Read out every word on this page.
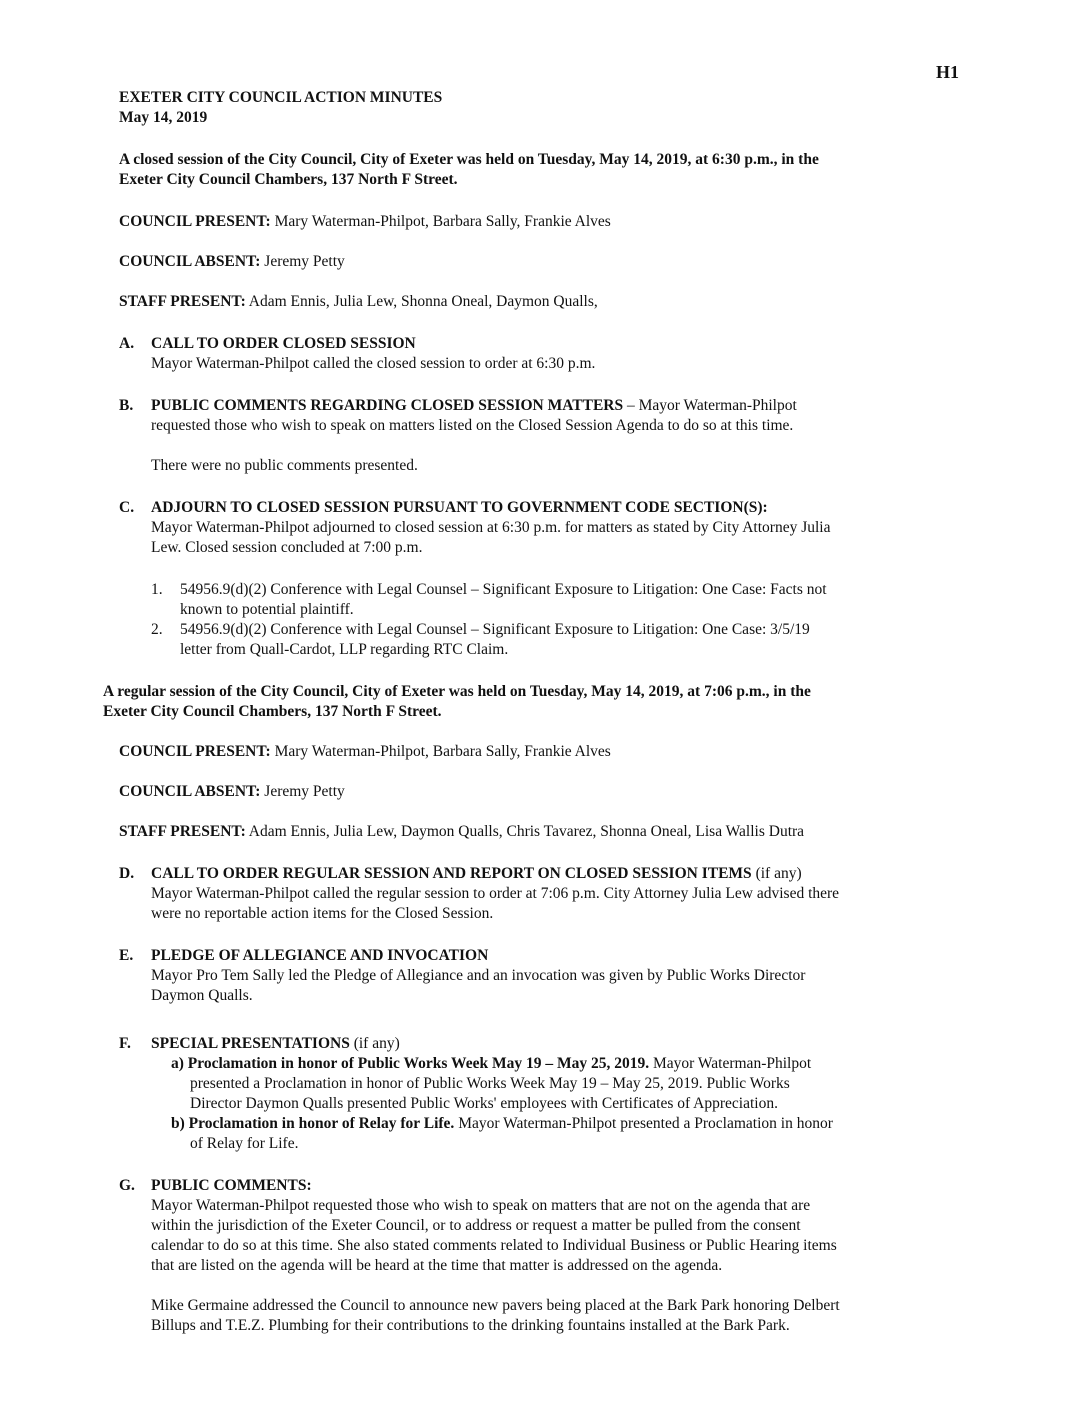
H1
EXETER CITY COUNCIL ACTION MINUTES
May 14, 2019
A closed session of the City Council, City of Exeter was held on Tuesday, May 14, 2019, at 6:30 p.m., in the
Exeter City Council Chambers, 137 North F Street.
COUNCIL PRESENT: Mary Waterman-Philpot, Barbara Sally, Frankie Alves
COUNCIL ABSENT: Jeremy Petty
STAFF PRESENT: Adam Ennis, Julia Lew, Shonna Oneal, Daymon Qualls,
A. CALL TO ORDER CLOSED SESSION
Mayor Waterman-Philpot called the closed session to order at 6:30 p.m.
B. PUBLIC COMMENTS REGARDING CLOSED SESSION MATTERS – Mayor Waterman-Philpot
requested those who wish to speak on matters listed on the Closed Session Agenda to do so at this time.
There were no public comments presented.
C. ADJOURN TO CLOSED SESSION PURSUANT TO GOVERNMENT CODE SECTION(S):
Mayor Waterman-Philpot adjourned to closed session at 6:30 p.m. for matters as stated by City Attorney Julia
Lew. Closed session concluded at 7:00 p.m.
1. 54956.9(d)(2) Conference with Legal Counsel – Significant Exposure to Litigation: One Case: Facts not
known to potential plaintiff.
2. 54956.9(d)(2) Conference with Legal Counsel – Significant Exposure to Litigation: One Case: 3/5/19
letter from Quall-Cardot, LLP regarding RTC Claim.
A regular session of the City Council, City of Exeter was held on Tuesday, May 14, 2019, at 7:06 p.m., in the
Exeter City Council Chambers, 137 North F Street.
COUNCIL PRESENT: Mary Waterman-Philpot, Barbara Sally, Frankie Alves
COUNCIL ABSENT: Jeremy Petty
STAFF PRESENT: Adam Ennis, Julia Lew, Daymon Qualls, Chris Tavarez, Shonna Oneal, Lisa Wallis Dutra
D. CALL TO ORDER REGULAR SESSION AND REPORT ON CLOSED SESSION ITEMS (if any)
Mayor Waterman-Philpot called the regular session to order at 7:06 p.m. City Attorney Julia Lew advised there
were no reportable action items for the Closed Session.
E. PLEDGE OF ALLEGIANCE AND INVOCATION
Mayor Pro Tem Sally led the Pledge of Allegiance and an invocation was given by Public Works Director
Daymon Qualls.
F. SPECIAL PRESENTATIONS (if any)
a) Proclamation in honor of Public Works Week May 19 – May 25, 2019. Mayor Waterman-Philpot
presented a Proclamation in honor of Public Works Week May 19 – May 25, 2019. Public Works
Director Daymon Qualls presented Public Works' employees with Certificates of Appreciation.
b) Proclamation in honor of Relay for Life. Mayor Waterman-Philpot presented a Proclamation in honor
of Relay for Life.
G. PUBLIC COMMENTS:
Mayor Waterman-Philpot requested those who wish to speak on matters that are not on the agenda that are
within the jurisdiction of the Exeter Council, or to address or request a matter be pulled from the consent
calendar to do so at this time. She also stated comments related to Individual Business or Public Hearing items
that are listed on the agenda will be heard at the time that matter is addressed on the agenda.
Mike Germaine addressed the Council to announce new pavers being placed at the Bark Park honoring Delbert
Billups and T.E.Z. Plumbing for their contributions to the drinking fountains installed at the Bark Park.
